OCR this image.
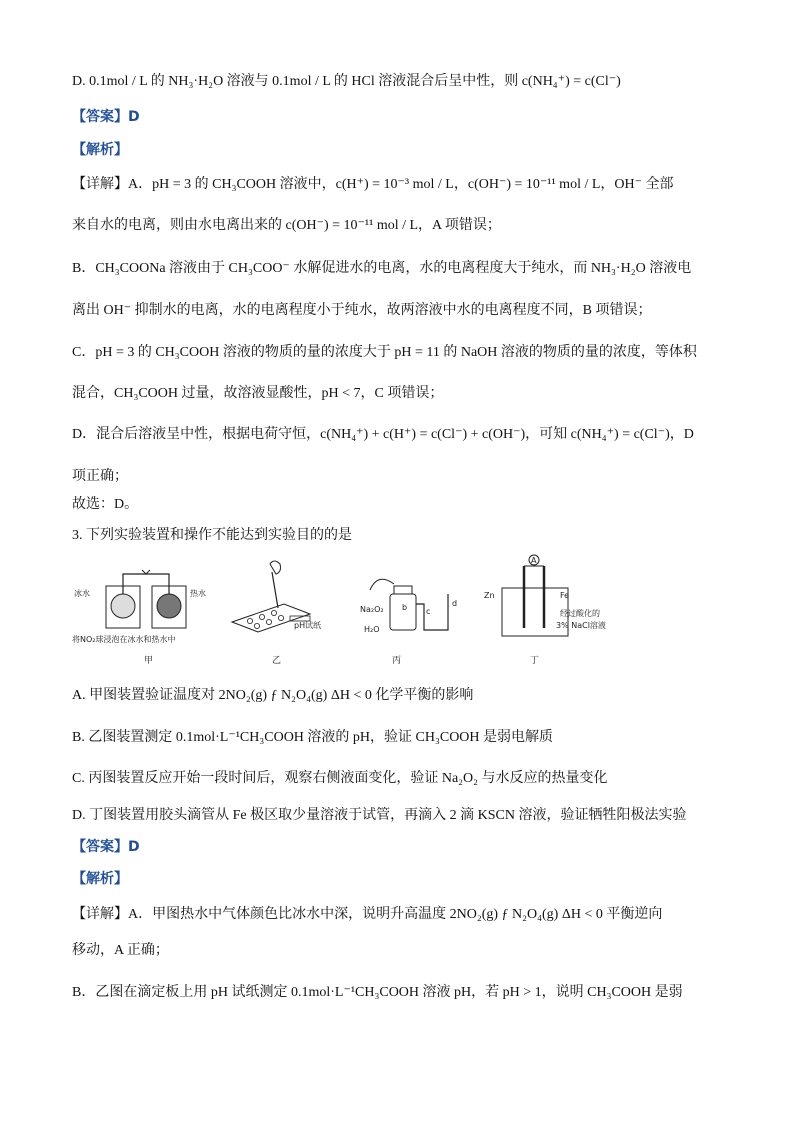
D. 0.1mol / L 的 NH₃·H₂O 溶液与 0.1mol / L 的 HCl 溶液混合后呈中性，则 c(NH₄⁺) = c(Cl⁻)
【答案】D
【解析】
【详解】A．pH = 3 的 CH₃COOH 溶液中，c(H⁺) = 10⁻³ mol / L，c(OH⁻) = 10⁻¹¹ mol / L，OH⁻ 全部
来自水的电离，则由水电离出来的 c(OH⁻) = 10⁻¹¹ mol / L，A 项错误；
B．CH₃COONa 溶液由于 CH₃COO⁻ 水解促进水的电离，水的电离程度大于纯水，而 NH₃·H₂O 溶液电
离出 OH⁻ 抑制水的电离，水的电离程度小于纯水，故两溶液中水的电离程度不同，B 项错误；
C．pH = 3 的 CH₃COOH 溶液的物质的量的浓度大于 pH = 11 的 NaOH 溶液的物质的量的浓度，等体积
混合，CH₃COOH 过量，故溶液显酸性，pH < 7，C 项错误；
D．混合后溶液呈中性，根据电荷守恒，c(NH₄⁺) + c(H⁺) = c(Cl⁻) + c(OH⁻)，可知 c(NH₄⁺) = c(Cl⁻)，D
项正确；
故选：D。
3. 下列实验装置和操作不能达到实验目的的是
冰水	热水
将NO₂球浸泡在冰水和热水中
甲
pH试纸
乙
Na₂O₂
H₂O
b c
d
丙
A
Zn	Fe
经过酸化的
3% NaCl溶液
丁
A. 甲图装置验证温度对 2NO₂(g) ƒ N₂O₄(g) ΔH < 0 化学平衡的影响
B. 乙图装置测定 0.1mol·L⁻¹CH₃COOH 溶液的 pH，验证 CH₃COOH 是弱电解质
C. 丙图装置反应开始一段时间后，观察右侧液面变化，验证 Na₂O₂ 与水反应的热量变化
D. 丁图装置用胶头滴管从 Fe 极区取少量溶液于试管，再滴入 2 滴 KSCN 溶液，验证牺牲阳极法实验
【答案】D
【解析】
【详解】A．甲图热水中气体颜色比冰水中深，说明升高温度 2NO₂(g) ƒ N₂O₄(g) ΔH < 0 平衡逆向
移动，A 正确；
B．乙图在滴定板上用 pH 试纸测定 0.1mol·L⁻¹CH₃COOH 溶液 pH，若 pH > 1，说明 CH₃COOH 是弱
